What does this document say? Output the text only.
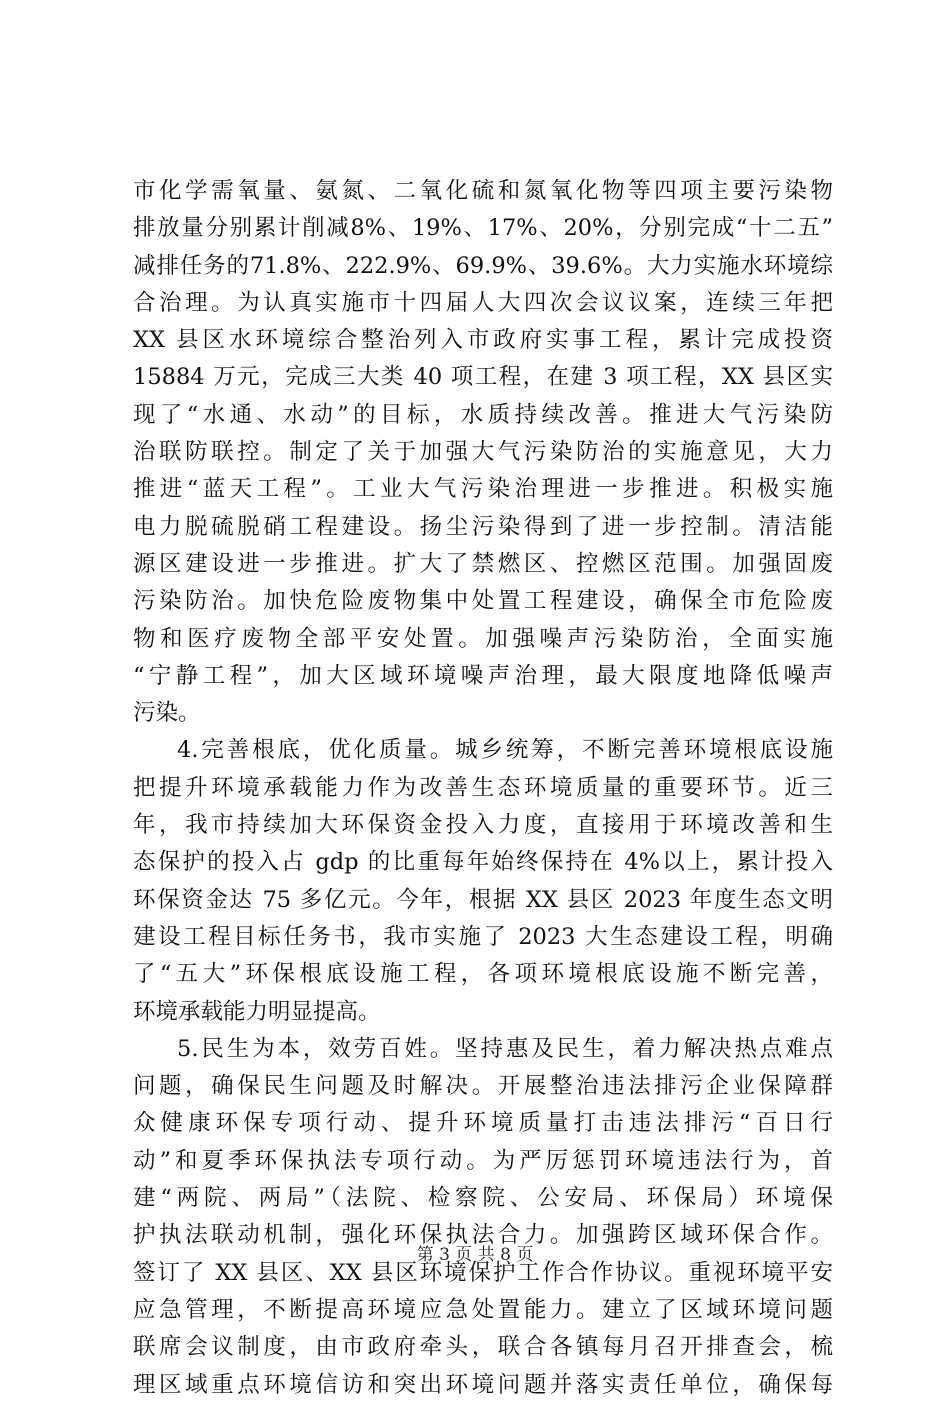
市化学需氧量、氨氮、二氧化硫和氮氧化物等四项主要污染物
排放量分别累计削减8%、19%、17%、20%，分别完成“十二五”
减排任务的71.8%、222.9%、69.9%、39.6%。大力实施水环境综
合治理。为认真实施市十四届人大四次会议议案，连续三年把
XX 县区水环境综合整治列入市政府实事工程，累计完成投资
15884 万元，完成三大类 40 项工程，在建 3 项工程，XX 县区实
现了“水通、水动”的目标，水质持续改善。推进大气污染防
治联防联控。制定了关于加强大气污染防治的实施意见，大力
推进“蓝天工程”。工业大气污染治理进一步推进。积极实施
电力脱硫脱硝工程建设。扬尘污染得到了进一步控制。清洁能
源区建设进一步推进。扩大了禁燃区、控燃区范围。加强固废
污染防治。加快危险废物集中处置工程建设，确保全市危险废
物和医疗废物全部平安处置。加强噪声污染防治，全面实施
“宁静工程”，加大区域环境噪声治理，最大限度地降低噪声
污染。
4.完善根底，优化质量。城乡统筹，不断完善环境根底设施
把提升环境承载能力作为改善生态环境质量的重要环节。近三
年，我市持续加大环保资金投入力度，直接用于环境改善和生
态保护的投入占 gdp 的比重每年始终保持在 4%以上，累计投入
环保资金达 75 多亿元。今年，根据 XX 县区 2023 年度生态文明
建设工程目标任务书，我市实施了 2023 大生态建设工程，明确
了“五大”环保根底设施工程，各项环境根底设施不断完善，
环境承载能力明显提高。
5.民生为本，效劳百姓。坚持惠及民生，着力解决热点难点
问题，确保民生问题及时解决。开展整治违法排污企业保障群
众健康环保专项行动、提升环境质量打击违法排污“百日行
动”和夏季环保执法专项行动。为严厉惩罚环境违法行为，首
建“两院、两局”（法院、检察院、公安局、环保局）环境保
护执法联动机制，强化环保执法合力。加强跨区域环保合作。
签订了 XX 县区、XX 县区环境保护工作合作协议。重视环境平安
应急管理，不断提高环境应急处置能力。建立了区域环境问题
联席会议制度，由市政府牵头，联合各镇每月召开排查会，梳
理区域重点环境信访和突出环境问题并落实责任单位，确保每
第 3 页 共 8 页
